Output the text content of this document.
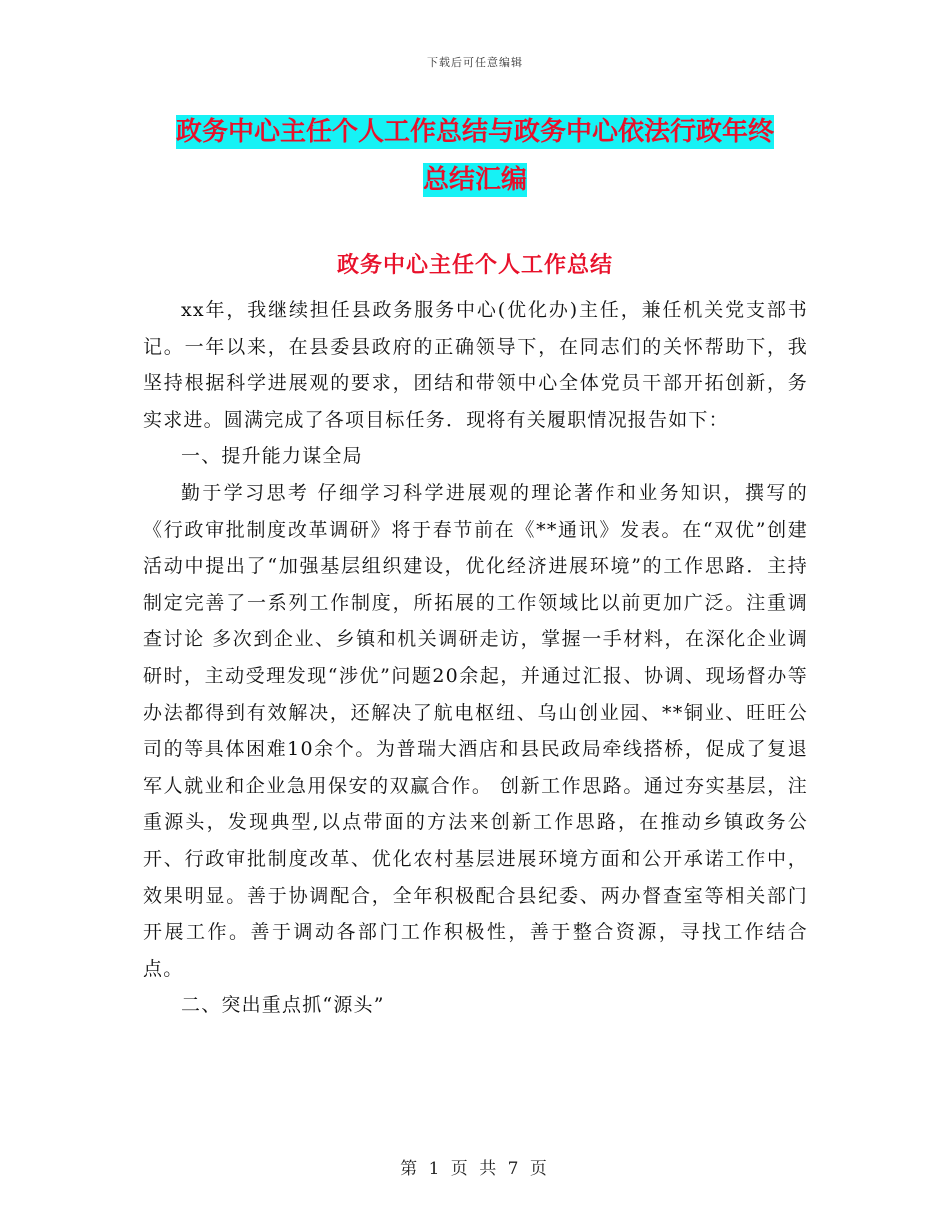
下载后可任意编辑
政务中心主任个人工作总结与政务中心依法行政年终
总结汇编
政务中心主任个人工作总结

xx年，我继续担任县政务服务中心(优化办)主任，兼任机关党支部书记。一年以来，在县委县政府的正确领导下，在同志们的关怀帮助下，我坚持根据科学进展观的要求，团结和带领中心全体党员干部开拓创新，务实求进。圆满完成了各项目标任务．现将有关履职情况报告如下：

一、提升能力谋全局

勤于学习思考 仔细学习科学进展观的理论著作和业务知识，撰写的《行政审批制度改革调研》将于春节前在《**通讯》发表。在“双优”创建活动中提出了“加强基层组织建设，优化经济进展环境”的工作思路．主持制定完善了一系列工作制度，所拓展的工作领域比以前更加广泛。注重调查讨论 多次到企业、乡镇和机关调研走访，掌握一手材料，在深化企业调研时，主动受理发现“涉优”问题20余起，并通过汇报、协调、现场督办等办法都得到有效解决，还解决了航电枢纽、乌山创业园、**铜业、旺旺公司的等具体困难10余个。为普瑞大酒店和县民政局牵线搭桥，促成了复退军人就业和企业急用保安的双赢合作。 创新工作思路。通过夯实基层，注重源头，发现典型,以点带面的方法来创新工作思路，在推动乡镇政务公开、行政审批制度改革、优化农村基层进展环境方面和公开承诺工作中，效果明显。善于协调配合，全年积极配合县纪委、两办督查室等相关部门开展工作。善于调动各部门工作积极性，善于整合资源，寻找工作结合点。

二、突出重点抓“源头”

第 1 页 共 7 页
